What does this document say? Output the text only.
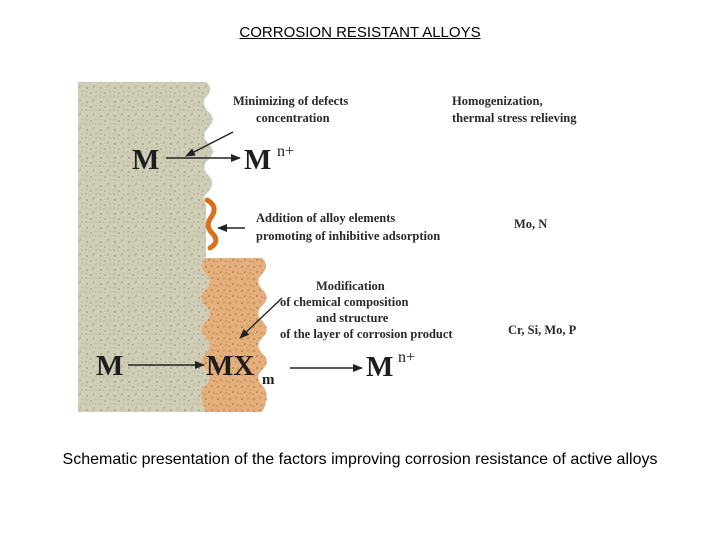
CORROSION RESISTANT ALLOYS
Minimizing of defects
concentration
Homogenization,
thermal stress relieving
Addition of alloy elements
promoting of inhibitive adsorption
Mo, N
Modification
of chemical composition
and structure
of the layer of corrosion product	Cr, Si, Mo, P
M	M n+
M	MX m	M n+
Schematic presentation of the factors improving corrosion resistance of active alloys
